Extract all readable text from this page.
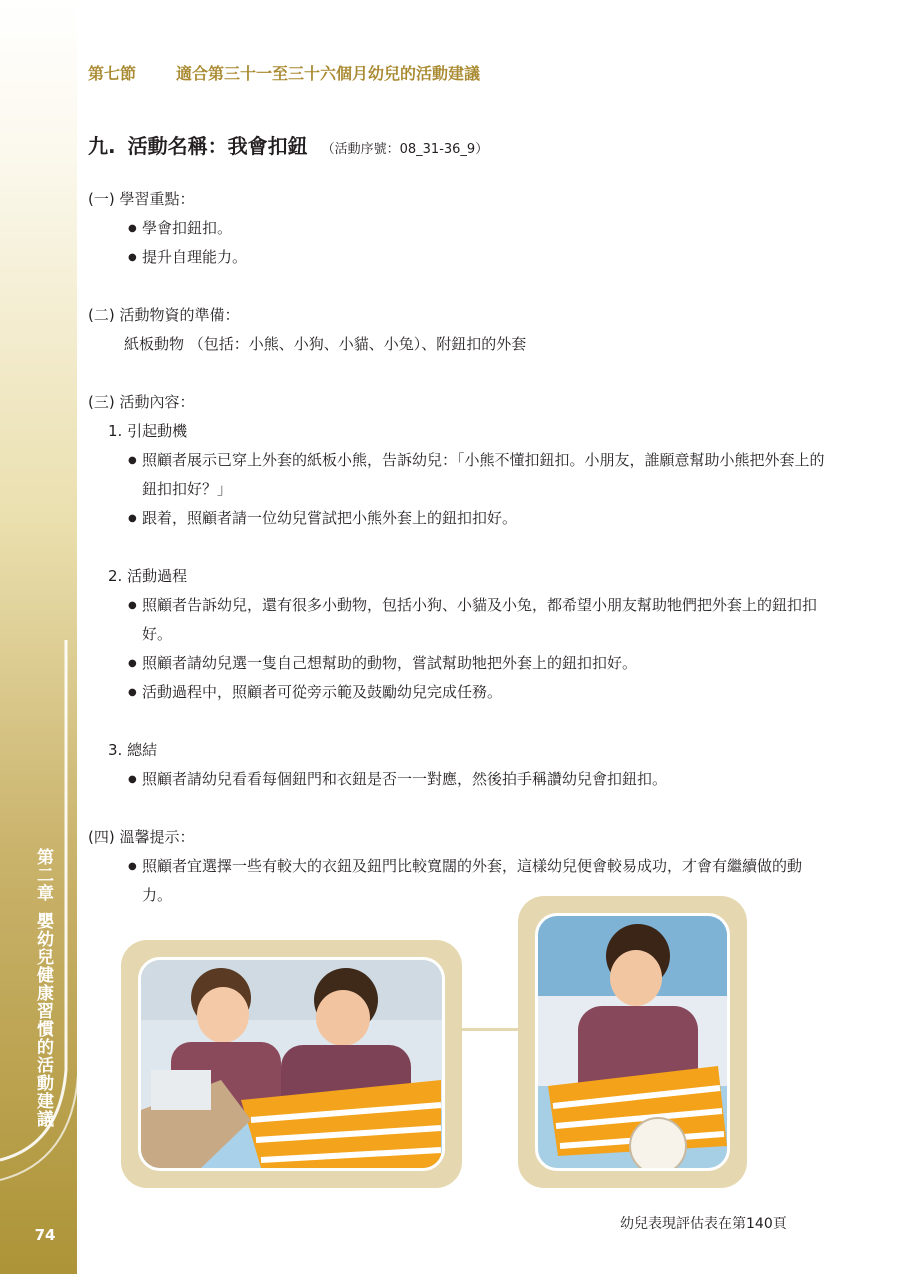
第二章嬰幼兒健康習慣的活動建議
74
第七節	適合第三十一至三十六個月幼兒的活動建議
九. 活動名稱：我會扣鈕 （活動序號：08_31-36_9）
(一) 學習重點：
● 學會扣鈕扣。
● 提升自理能力。
(二) 活動物資的準備：
紙板動物 （包括：小熊、小狗、小貓、小兔）、附鈕扣的外套
(三) 活動內容：
1. 引起動機
● 照顧者展示已穿上外套的紙板小熊，告訴幼兒：「小熊不懂扣鈕扣。小朋友，誰願意幫助小熊把外套上的鈕扣扣好？」
● 跟着，照顧者請一位幼兒嘗試把小熊外套上的鈕扣扣好。
2. 活動過程
● 照顧者告訴幼兒，還有很多小動物，包括小狗、小貓及小兔，都希望小朋友幫助牠們把外套上的鈕扣扣好。
● 照顧者請幼兒選一隻自己想幫助的動物，嘗試幫助牠把外套上的鈕扣扣好。
● 活動過程中，照顧者可從旁示範及鼓勵幼兒完成任務。
3. 總結
● 照顧者請幼兒看看每個鈕門和衣鈕是否一一對應，然後拍手稱讚幼兒會扣鈕扣。
(四) 溫馨提示：
● 照顧者宜選擇一些有較大的衣鈕及鈕門比較寬闊的外套，這樣幼兒便會較易成功，才會有繼續做的動力。
幼兒表現評估表在第140頁
